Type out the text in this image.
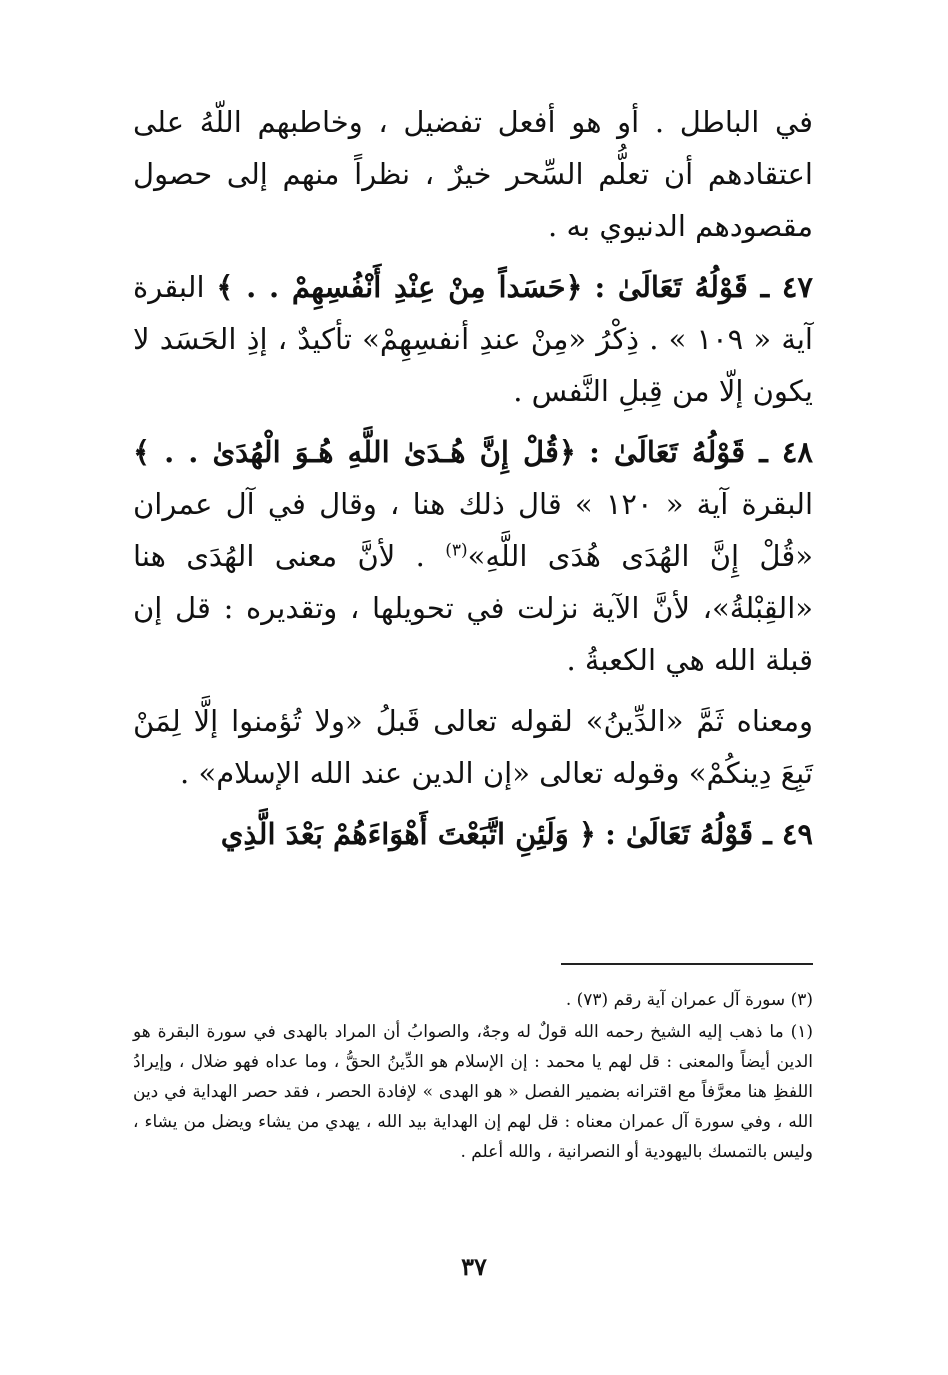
في الباطل . أو هو أفعل تفضيل ، وخاطبهم اللّهُ على اعتقادهم أن تعلُّم السِّحر خيرٌ ، نظراً منهم إلى حصول مقصودهم الدنيوي به .

٤٧ ـ قَوْلُهُ تَعَالَىٰ : ﴿حَسَداً مِنْ عِنْدِ أَنْفُسِهِمْ . . ﴾ البقرة آية « ١٠٩ » . ذِكْرُ «مِنْ عندِ أنفسِهِمْ» تأكيدٌ ، إذِ الحَسَد لا يكون إلّا من قِبلِ النَّفس .

٤٨ ـ قَوْلُهُ تَعَالَىٰ : ﴿قُلْ إِنَّ هُـدَىٰ اللَّهِ هُـوَ الْهُدَىٰ . . ﴾ البقرة آية « ١٢٠ » قال ذلك هنا ، وقال في آل عمران «قُلْ إِنَّ الهُدَى هُدَى اللَّهِ»$^{(٣)}$ . لأنَّ معنى الهُدَى هنا «القِبْلةُ»، لأنَّ الآية نزلت في تحويلها ، وتقديره : قل إن قبلة الله هي الكعبةُ .

ومعناه ثَمَّ «الدِّينُ» لقوله تعالى قَبلُ «ولا تُؤمنوا إلَّا لِمَنْ تَبِعَ دِينكُمْ» وقوله تعالى «إن الدين عند الله الإسلام» .

٤٩ ـ قَوْلُهُ تَعَالَىٰ : ﴿ وَلَئِنِ اتَّبَعْتَ أَهْوَاءَهُمْ بَعْدَ الَّذِي

(٣) سورة آل عمران آية رقم (٧٣) .

(١) ما ذهب إليه الشيخ رحمه الله قولٌ له وجهٌ، والصوابُ أن المراد بالهدى في سورة البقرة هو الدين أيضاً والمعنى : قل لهم يا محمد : إن الإسلام هو الدِّينُ الحقُّ ، وما عداه فهو ضلال ، وإيرادُ اللفظِ هنا معرَّفاً مع اقترانه بضمير الفصل « هو الهدى » لإفادة الحصر ، فقد حصر الهداية في دين الله ، وفي سورة آل عمران معناه : قل لهم إن الهداية بيد الله ، يهدي من يشاء ويضل من يشاء ، وليس بالتمسك باليهودية أو النصرانية ، والله أعلم .

٣٧
